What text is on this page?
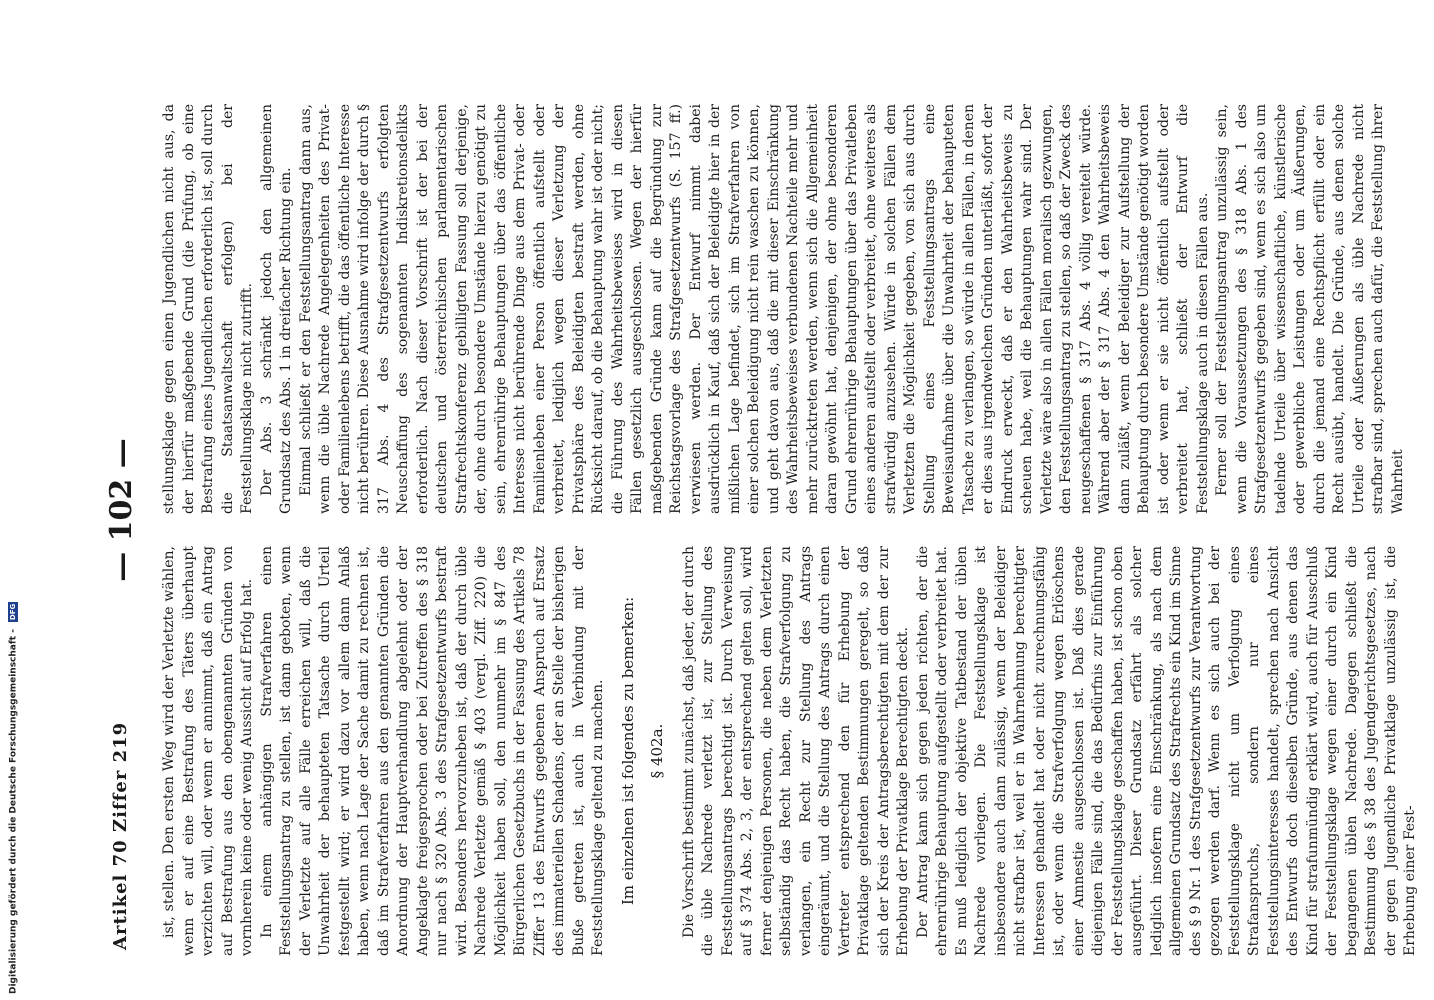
Artikel 70 Ziffer 219
— 102 —

ist, stellen. Den ersten Weg wird der Verletzte wählen, wenn er auf eine Bestrafung des Täters überhaupt verzichten will, oder wenn er annimmt, daß ein Antrag auf Bestrafung aus den obengenannten Gründen von vornherein keine oder wenig Aussicht auf Erfolg hat. In einem anhängigen Strafverfahren einen Feststellungsantrag zu stellen, ist dann geboten, wenn der Verletzte auf alle Fälle erreichen will, daß die Unwahrheit der behaupteten Tatsache durch Urteil festgestellt wird; er wird dazu vor allem dann Anlaß haben, wenn nach Lage der Sache damit zu rechnen ist, daß im Strafverfahren aus den genannten Gründen die Anordnung der Hauptverhandlung abgelehnt oder der Angeklagte freigesprochen oder bei Zutreffen des § 318 nur nach § 320 Abs. 3 des Strafgesetzentwurfs bestraft wird. Besonders hervorzuheben ist, daß der durch üble Nachrede Verletzte gemäß § 403 (vergl. Ziff. 220) die Möglichkeit haben soll, den nunmehr im § 847 des Bürgerlichen Gesetzbuchs in der Fassung des Artikels 78 Ziffer 13 des Entwurfs gegebenen Anspruch auf Ersatz des immateriellen Schadens, der an Stelle der bisherigen Buße getreten ist, auch in Verbindung mit der Feststellungsklage geltend zu machen. Im einzelnen ist folgendes zu bemerken: § 402a. Die Vorschrift bestimmt zunächst, daß jeder, der durch die üble Nachrede verletzt ist, zur Stellung des Feststellungsantrags berechtigt ist. Durch Verweisung auf § 374 Abs. 2, 3, der entsprechend gelten soll, wird ferner denjenigen Personen, die neben dem Verletzten selbständig das Recht haben, die Strafverfolgung zu verlangen, ein Recht zur Stellung des Antrags eingeräumt, und die Stellung des Antrags durch einen Vertreter entsprechend den für Erhebung der Privatklage geltenden Bestimmungen geregelt, so daß sich der Kreis der Antragsberechtigten mit dem der zur Erhebung der Privatklage Berechtigten deckt. Der Antrag kann sich gegen jeden richten, der die ehrenrührige Behauptung aufgestellt oder verbreitet hat. Es muß lediglich der objektive Tatbestand der üblen Nachrede vorliegen. Die Feststellungsklage ist insbesondere auch dann zulässig, wenn der Beleidiger nicht strafbar ist, weil er in Wahrnehmung berechtigter Interessen gehandelt hat oder nicht zurechnungsfähig ist, oder wenn die Strafverfolgung wegen Erlöschens einer Amnestie ausgeschlossen ist. Daß dies gerade diejenigen Fälle sind, die das Bedürfnis zur Einführung der Feststellungsklage geschaffen haben, ist schon oben ausgeführt. Dieser Grundsatz erfährt als solcher lediglich insofern eine Einschränkung, als nach dem allgemeinen Grundsatz des Strafrechts ein Kind im Sinne des § 9 Nr. 1 des Strafgesetzentwurfs zur Verantwortung gezogen werden darf. Wenn es sich auch bei der Feststellungsklage nicht um Verfolgung eines Strafanspruchs, sondern nur eines Feststellungsinteresses handelt, sprechen nach Ansicht des Entwurfs doch dieselben Gründe, aus denen das Kind für strafunmündig erklärt wird, auch für Ausschluß der Feststellungsklage wegen einer durch ein Kind begangenen üblen Nachrede. Dagegen schließt die Bestimmung des § 38 des Jugendgerichtsgesetzes, nach der gegen Jugendliche Privatklage unzulässig ist, die Erhebung einer Fest-

stellungsklage gegen einen Jugendlichen nicht aus, da der hierfür maßgebende Grund (die Prüfung, ob eine Bestrafung eines Jugendlichen erforderlich ist, soll durch die Staatsanwaltschaft erfolgen) bei der Feststellungsklage nicht zutrifft. Der Abs. 3 schränkt jedoch den allgemeinen Grundsatz des Abs. 1 in dreifacher Richtung ein. Einmal schließt er den Feststellungsantrag dann aus, wenn die üble Nachrede Angelegenheiten des Privat- oder Familienlebens betrifft, die das öffentliche Interesse nicht berühren. Diese Ausnahme wird infolge der durch § 317 Abs. 4 des Strafgesetzentwurfs erfolgten Neuschaffung des sogenannten Indiskretionsdelikts erforderlich. Nach dieser Vorschrift ist der bei der deutschen und österreichischen parlamentarischen Strafrechtskonferenz gebilligten Fassung soll derjenige, der, ohne durch besondere Umstände hierzu genötigt zu sein, ehrenrührige Behauptungen über das öffentliche Interesse nicht berührende Dinge aus dem Privat- oder Familienleben einer Person öffentlich aufstellt oder verbreitet, lediglich wegen dieser Verletzung der Privatsphäre des Beleidigten bestraft werden, ohne Rücksicht darauf, ob die Behauptung wahr ist oder nicht; die Führung des Wahrheitsbeweises wird in diesen Fällen gesetzlich ausgeschlossen. Wegen der hierfür maßgebenden Gründe kann auf die Begründung zur Reichstagsvorlage des Strafgesetzentwurfs (S. 157 ff.) verwiesen werden. Der Entwurf nimmt dabei ausdrücklich in Kauf, daß sich der Beleidigte hier in der mißlichen Lage befindet, sich im Strafverfahren von einer solchen Beleidigung nicht rein waschen zu können, und geht davon aus, daß die mit dieser Einschränkung des Wahrheitsbeweises verbundenen Nachteile mehr und mehr zurücktreten werden, wenn sich die Allgemeinheit daran gewöhnt hat, denjenigen, der ohne besonderen Grund ehrenrührige Behauptungen über das Privatleben eines anderen aufstellt oder verbreitet, ohne weiteres als strafwürdig anzusehen. Würde in solchen Fällen dem Verletzten die Möglichkeit gegeben, von sich aus durch Stellung eines Feststellungsantrags eine Beweisaufnahme über die Unwahrheit der behaupteten Tatsache zu verlangen, so würde in allen Fällen, in denen er dies aus irgendwelchen Gründen unterläßt, sofort der Eindruck erweckt, daß er den Wahrheitsbeweis zu scheuen habe, weil die Behauptungen wahr sind. Der Verletzte wäre also in allen Fällen moralisch gezwungen, den Feststellungsantrag zu stellen, so daß der Zweck des neugeschaffenen § 317 Abs. 4 völlig vereitelt würde. Während aber der § 317 Abs. 4 den Wahrheitsbeweis dann zuläßt, wenn der Beleidiger zur Aufstellung der Behauptung durch besondere Umstände genötigt worden ist oder wenn er sie nicht öffentlich aufstellt oder verbreitet hat, schließt der Entwurf die Feststellungsklage auch in diesen Fällen aus. Ferner soll der Feststellungsantrag unzulässig sein, wenn die Voraussetzungen des § 318 Abs. 1 des Strafgesetzentwurfs gegeben sind, wenn es sich also um tadelnde Urteile über wissenschaftliche, künstlerische oder gewerbliche Leistungen oder um Äußerungen, durch die jemand eine Rechtspflicht erfüllt oder ein Recht ausübt, handelt. Die Gründe, aus denen solche Urteile oder Äußerungen als üble Nachrede nicht strafbar sind, sprechen auch dafür, die Feststellung ihrer Wahrheit

Digitalisierung gefördert durch die Deutsche Forschungsgemeinschaft - DFG
